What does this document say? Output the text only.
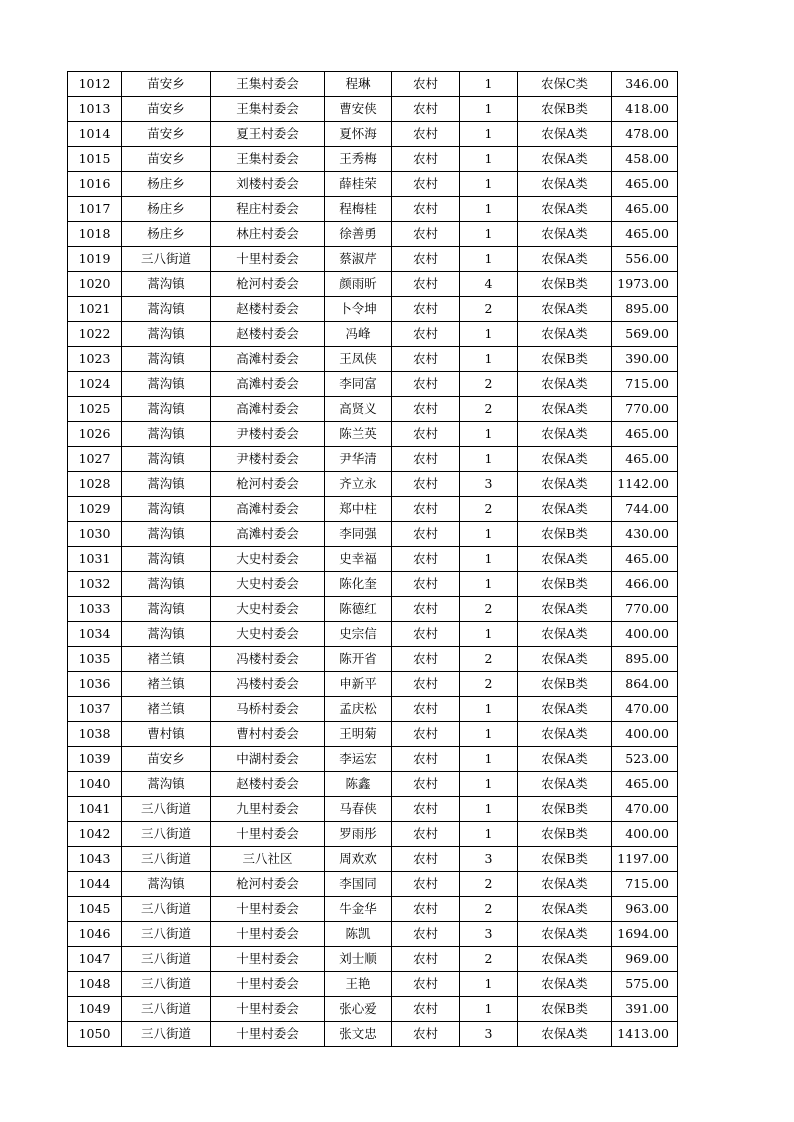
1012	苗安乡	王集村委会	程琳	农村	1	农保C类	346.00
1013	苗安乡	王集村委会	曹安侠	农村	1	农保B类	418.00
1014	苗安乡	夏王村委会	夏怀海	农村	1	农保A类	478.00
1015	苗安乡	王集村委会	王秀梅	农村	1	农保A类	458.00
1016	杨庄乡	刘楼村委会	薛桂荣	农村	1	农保A类	465.00
1017	杨庄乡	程庄村委会	程梅桂	农村	1	农保A类	465.00
1018	杨庄乡	林庄村委会	徐善勇	农村	1	农保A类	465.00
1019	三八街道	十里村委会	蔡淑芹	农村	1	农保A类	556.00
1020	蒿沟镇	枪河村委会	颜雨昕	农村	4	农保B类	1973.00
1021	蒿沟镇	赵楼村委会	卜令坤	农村	2	农保A类	895.00
1022	蒿沟镇	赵楼村委会	冯峰	农村	1	农保A类	569.00
1023	蒿沟镇	高滩村委会	王凤侠	农村	1	农保B类	390.00
1024	蒿沟镇	高滩村委会	李同富	农村	2	农保A类	715.00
1025	蒿沟镇	高滩村委会	高贤义	农村	2	农保A类	770.00
1026	蒿沟镇	尹楼村委会	陈兰英	农村	1	农保A类	465.00
1027	蒿沟镇	尹楼村委会	尹华清	农村	1	农保A类	465.00
1028	蒿沟镇	枪河村委会	齐立永	农村	3	农保A类	1142.00
1029	蒿沟镇	高滩村委会	郑中柱	农村	2	农保A类	744.00
1030	蒿沟镇	高滩村委会	李同强	农村	1	农保B类	430.00
1031	蒿沟镇	大史村委会	史幸福	农村	1	农保A类	465.00
1032	蒿沟镇	大史村委会	陈化奎	农村	1	农保B类	466.00
1033	蒿沟镇	大史村委会	陈德红	农村	2	农保A类	770.00
1034	蒿沟镇	大史村委会	史宗信	农村	1	农保A类	400.00
1035	褚兰镇	冯楼村委会	陈开省	农村	2	农保A类	895.00
1036	褚兰镇	冯楼村委会	申新平	农村	2	农保B类	864.00
1037	褚兰镇	马桥村委会	孟庆松	农村	1	农保A类	470.00
1038	曹村镇	曹村村委会	王明菊	农村	1	农保A类	400.00
1039	苗安乡	中湖村委会	李运宏	农村	1	农保A类	523.00
1040	蒿沟镇	赵楼村委会	陈鑫	农村	1	农保A类	465.00
1041	三八街道	九里村委会	马春侠	农村	1	农保B类	470.00
1042	三八街道	十里村委会	罗雨彤	农村	1	农保B类	400.00
1043	三八街道	三八社区	周欢欢	农村	3	农保B类	1197.00
1044	蒿沟镇	枪河村委会	李国同	农村	2	农保A类	715.00
1045	三八街道	十里村委会	牛金华	农村	2	农保A类	963.00
1046	三八街道	十里村委会	陈凯	农村	3	农保A类	1694.00
1047	三八街道	十里村委会	刘士顺	农村	2	农保A类	969.00
1048	三八街道	十里村委会	王艳	农村	1	农保A类	575.00
1049	三八街道	十里村委会	张心爱	农村	1	农保B类	391.00
1050	三八街道	十里村委会	张文忠	农村	3	农保A类	1413.00
